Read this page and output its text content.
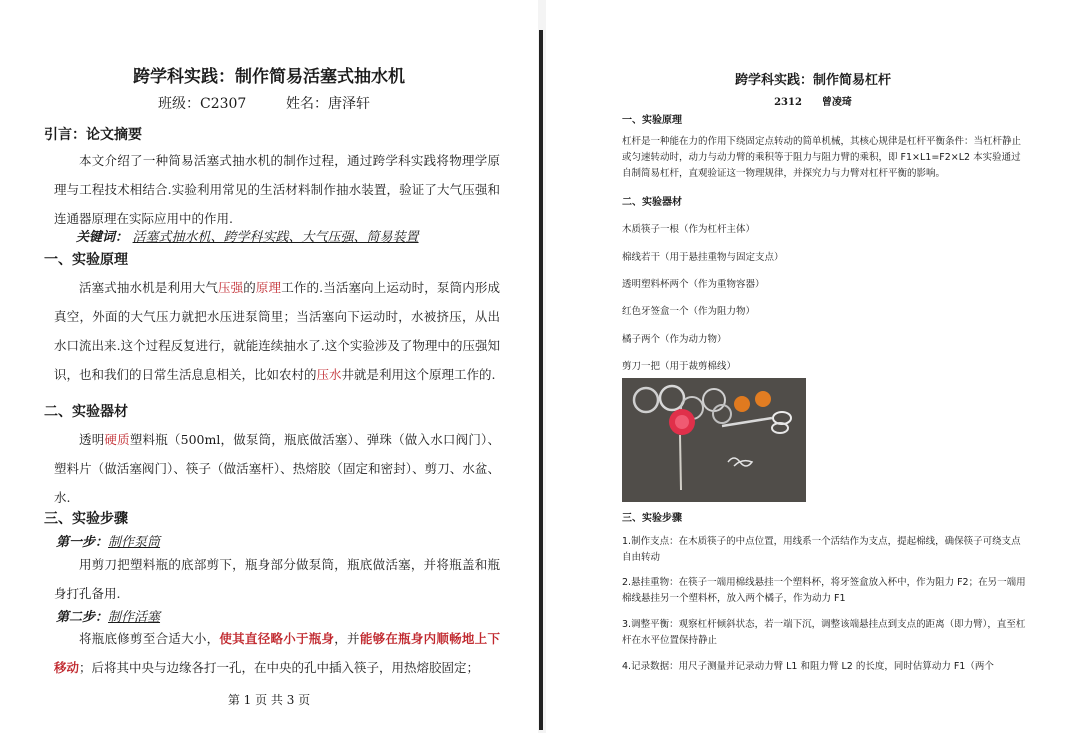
跨学科实践：制作简易活塞式抽水机
班级：C2307	姓名：唐泽轩
引言：论文摘要
本文介绍了一种简易活塞式抽水机的制作过程，通过跨学科实践将物理学原理与工程技术相结合.实验利用常见的生活材料制作抽水装置，验证了大气压强和连通器原理在实际应用中的作用.
关键词： 活塞式抽水机、跨学科实践、大气压强、简易装置
一、实验原理
活塞式抽水机是利用大气压强的原理工作的.当活塞向上运动时，泵筒内形成真空，外面的大气压力就把水压进泵筒里；当活塞向下运动时，水被挤压，从出水口流出来.这个过程反复进行，就能连续抽水了.这个实验涉及了物理中的压强知识，也和我们的日常生活息息相关，比如农村的压水井就是利用这个原理工作的.
二、实验器材
透明硬质塑料瓶（500ml，做泵筒，瓶底做活塞）、弹珠（做入水口阀门）、塑料片（做活塞阀门）、筷子（做活塞杆）、热熔胶（固定和密封）、剪刀、水盆、水.
三、实验步骤
第一步：制作泵筒
用剪刀把塑料瓶的底部剪下，瓶身部分做泵筒，瓶底做活塞，并将瓶盖和瓶身打孔备用.
第二步：制作活塞
将瓶底修剪至合适大小，使其直径略小于瓶身，并能够在瓶身内顺畅地上下移动；后将其中央与边缘各打一孔，在中央的孔中插入筷子，用热熔胶固定；
第 1 页 共 3 页
跨学科实践：制作简易杠杆
2312 曾凌琦
一、实验原理
杠杆是一种能在力的作用下绕固定点转动的简单机械，其核心规律是杠杆平衡条件：当杠杆静止或匀速转动时，动力与动力臂的乘积等于阻力与阻力臂的乘积，即 F1×L1=F2×L2 本实验通过自制简易杠杆，直观验证这一物理规律，并探究力与力臂对杠杆平衡的影响。
二、实验器材
木质筷子一根（作为杠杆主体）
棉线若干（用于悬挂重物与固定支点）
透明塑料杯两个（作为重物容器）
红色牙签盒一个（作为阻力物）
橘子两个（作为动力物）
剪刀一把（用于裁剪棉线）
三、实验步骤
1.制作支点：在木质筷子的中点位置，用线系一个活结作为支点，提起棉线，确保筷子可绕支点自由转动
2.悬挂重物：在筷子一端用棉线悬挂一个塑料杯，将牙签盒放入杯中，作为阻力 F2；在另一端用棉线悬挂另一个塑料杯，放入两个橘子，作为动力 F1
3.调整平衡：观察杠杆倾斜状态，若一端下沉，调整该端悬挂点到支点的距离（即力臂），直至杠杆在水平位置保持静止
4.记录数据：用尺子测量并记录动力臂 L1 和阻力臂 L2 的长度，同时估算动力 F1（两个
